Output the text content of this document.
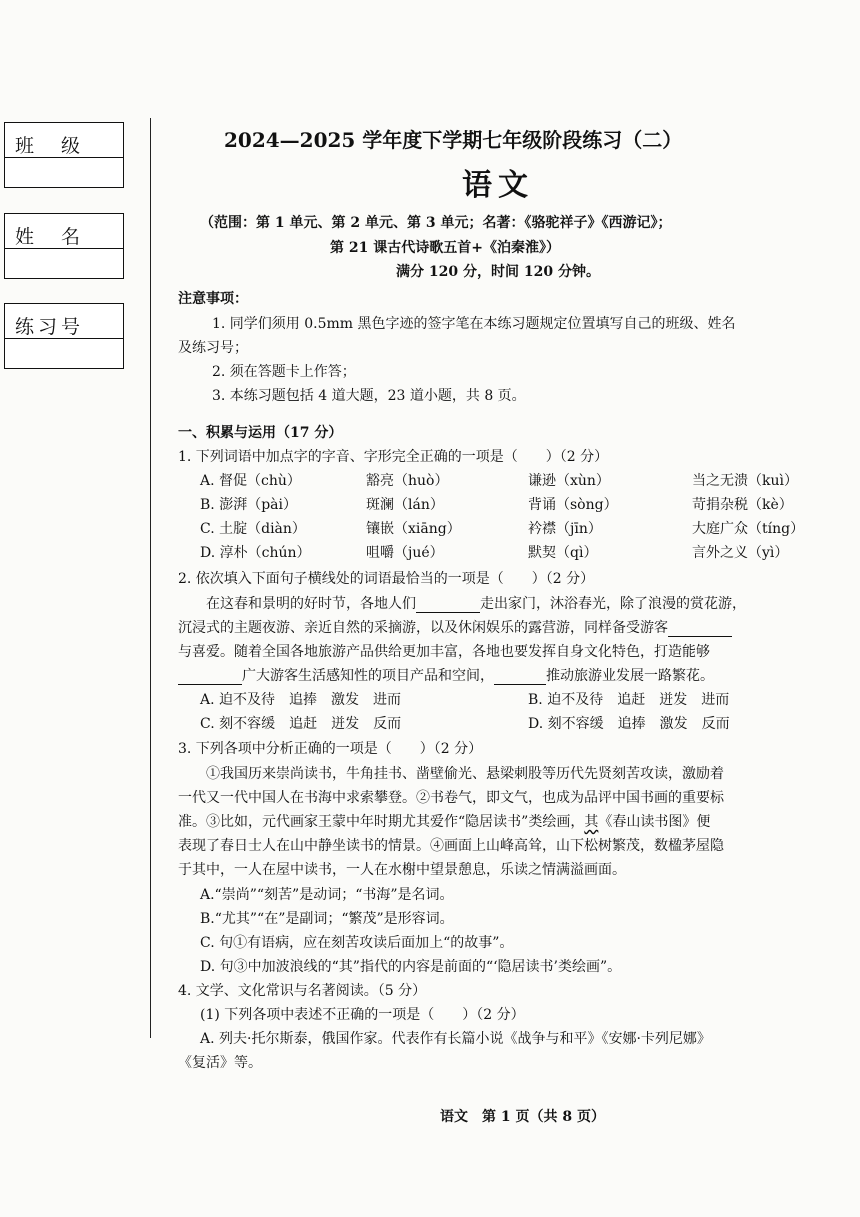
班　级
姓　名
练习号
2024—2025 学年度下学期七年级阶段练习（二）
语文
（范围：第 1 单元、第 2 单元、第 3 单元；名著：《骆驼祥子》《西游记》；
第 21 课古代诗歌五首+《泊秦淮》）
满分 120 分，时间 120 分钟。
注意事项：
1. 同学们须用 0.5mm 黑色字迹的签字笔在本练习题规定位置填写自己的班级、姓名
及练习号；
2. 须在答题卡上作答；
3. 本练习题包括 4 道大题，23 道小题，共 8 页。
一、积累与运用（17 分）
1. 下列词语中加点字的字音、字形完全正确的一项是（　　）（2 分）
A. 督促（chù）	豁亮（huò）	谦逊（xùn）	当之无溃（kuì）
B. 澎湃（pài）	斑澜（lán）	背诵（sòng）	苛捐杂税（kè）
C. 土腚（diàn）	镶嵌（xiāng）	衿襟（jīn）	大庭广众（tíng）
D. 淳朴（chún）	咀嚼（jué）	默契（qì）	言外之义（yì）
2. 依次填入下面句子横线处的词语最恰当的一项是（　　）（2 分）
在这春和景明的好时节，各地人们	走出家门，沐浴春光，除了浪漫的赏花游，
沉浸式的主题夜游、亲近自然的采摘游，以及休闲娱乐的露营游，同样备受游客
与喜爱。随着全国各地旅游产品供给更加丰富，各地也要发挥自身文化特色，打造能够
广大游客生活感知性的项目产品和空间，	推动旅游业发展一路繁花。
A. 迫不及待　追捧　激发　进而	B. 迫不及待　追赶　迸发　进而
C. 刻不容缓　追赶　迸发　反而	D. 刻不容缓　追捧　激发　反而
3. 下列各项中分析正确的一项是（　　）（2 分）
①我国历来崇尚读书，牛角挂书、凿壁偷光、悬梁刺股等历代先贤刻苦攻读，激励着
一代又一代中国人在书海中求索攀登。②书卷气，即文气，也成为品评中国书画的重要标
准。③比如，元代画家王蒙中年时期尤其爱作“隐居读书”类绘画，其《春山读书图》便
表现了春日士人在山中静坐读书的情景。④画面上山峰高耸，山下松树繁茂，数楹茅屋隐
于其中，一人在屋中读书，一人在水榭中望景憩息，乐读之情满溢画面。
A.“崇尚”“刻苦”是动词；“书海”是名词。
B.“尤其”“在”是副词；“繁茂”是形容词。
C. 句①有语病，应在刻苦攻读后面加上“的故事”。
D. 句③中加波浪线的“其”指代的内容是前面的“‘隐居读书’类绘画”。
4. 文学、文化常识与名著阅读。（5 分）
(1) 下列各项中表述不正确的一项是（　　）（2 分）
A. 列夫·托尔斯泰，俄国作家。代表作有长篇小说《战争与和平》《安娜·卡列尼娜》
《复活》等。
语文　第 1 页（共 8 页）
